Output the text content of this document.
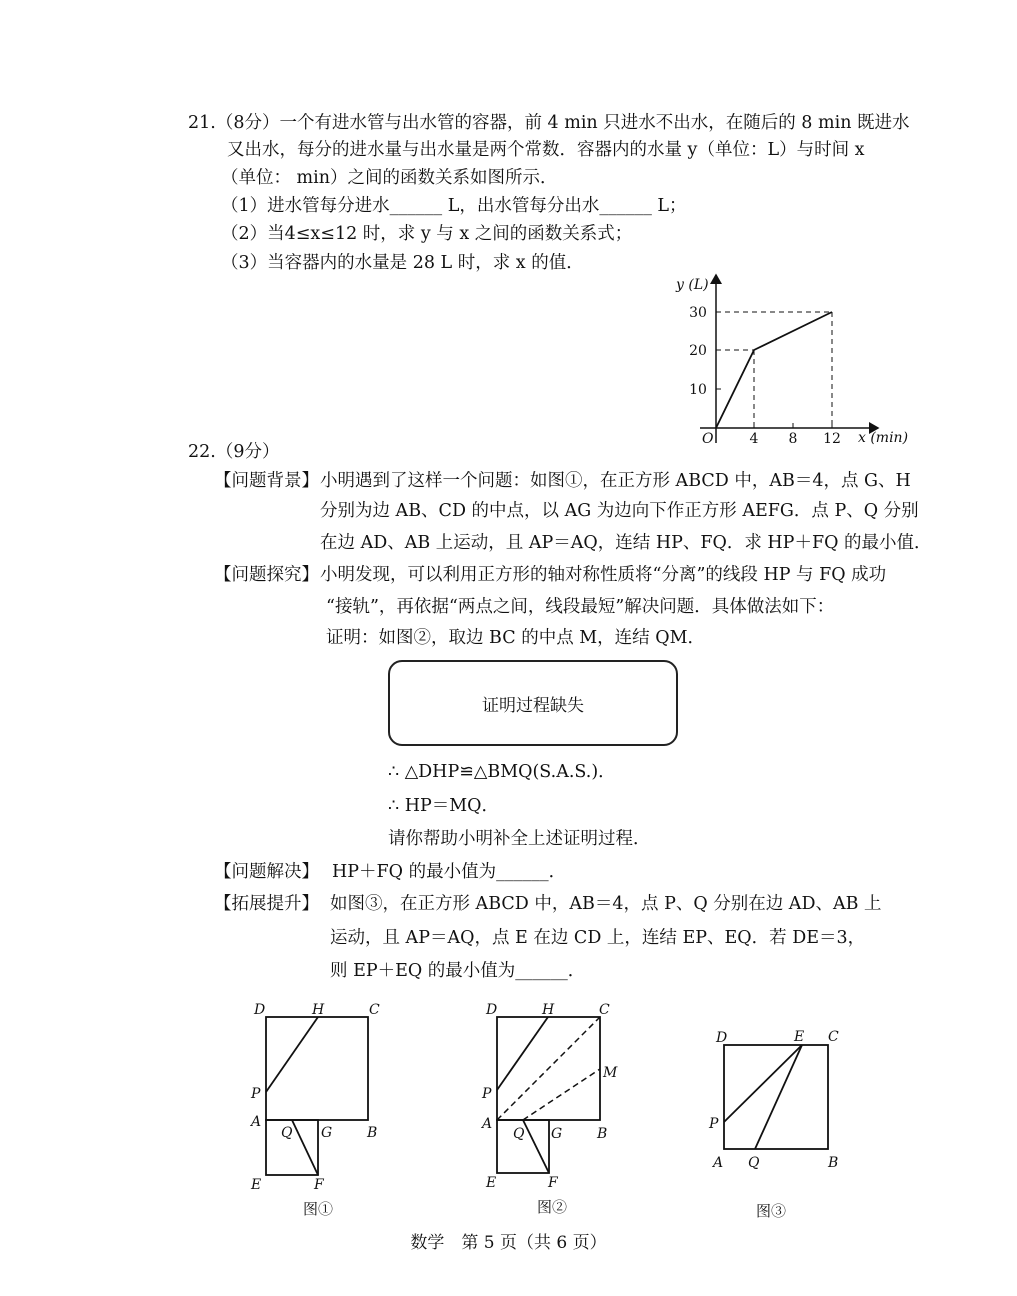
21.（8分）一个有进水管与出水管的容器，前 4 min 只进水不出水，在随后的 8 min 既进水
又出水，每分的进水量与出水量是两个常数．容器内的水量 y（单位：L）与时间 x
（单位： min）之间的函数关系如图所示．
（1）进水管每分进水______ L，出水管每分出水______ L；
（2）当4≤x≤12 时，求 y 与 x 之间的函数关系式；
（3）当容器内的水量是 28 L 时，求 x 的值．
y (L)
x (min)
O
10
20
30
4 8 12
22.（9分）
【问题背景】 小明遇到了这样一个问题：如图①，在正方形 ABCD 中，AB＝4，点 G、H
分别为边 AB、CD 的中点，以 AG 为边向下作正方形 AEFG．点 P、Q 分别
在边 AD、AB 上运动，且 AP＝AQ，连结 HP、FQ．求 HP＋FQ 的最小值．
【问题探究】 小明发现，可以利用正方形的轴对称性质将“分离”的线段 HP 与 FQ 成功
“接轨”，再依据“两点之间，线段最短”解决问题．具体做法如下：
证明：如图②，取边 BC 的中点 M，连结 QM．
证明过程缺失
∴ △DHP≌△BMQ(S.A.S.)．
∴ HP＝MQ．
请你帮助小明补全上述证明过程．
【问题解决】 HP＋FQ 的最小值为______．
【拓展提升】 如图③，在正方形 ABCD 中，AB＝4，点 P、Q 分别在边 AD、AB 上
运动，且 AP＝AQ，点 E 在边 CD 上，连结 EP、EQ．若 DE＝3，
则 EP＋EQ 的最小值为______．
D	H	C
P
A
Q G B
E	F
图①
D	H	C
M
P
A
Q G B
E	F
图②
D	E C
P
A Q	B
图③
数学　第 5 页（共 6 页）
